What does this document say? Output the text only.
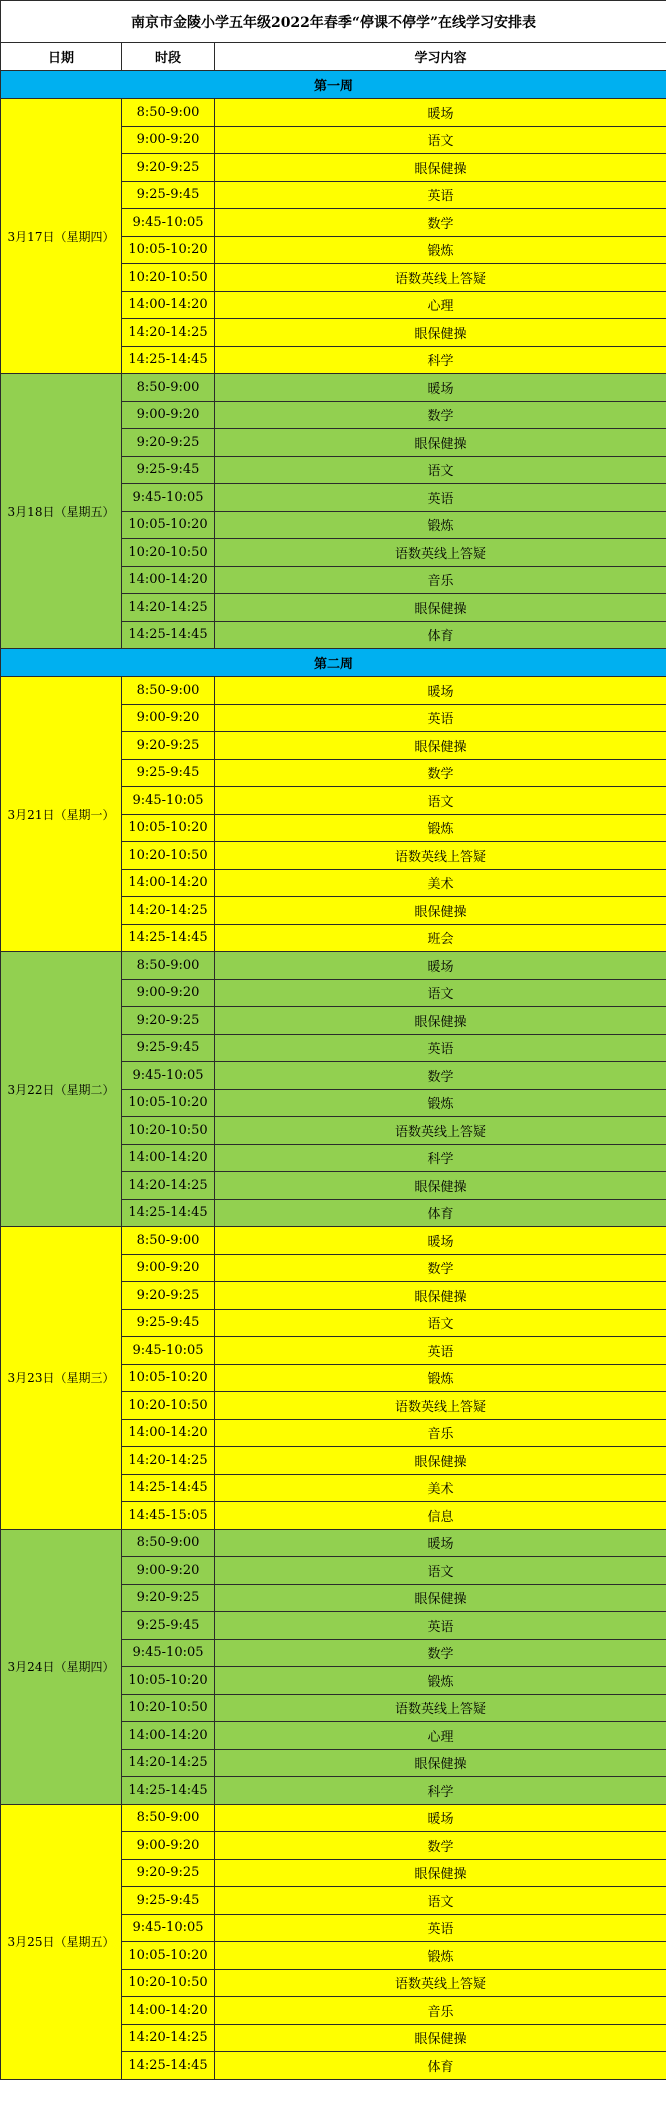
南京市金陵小学五年级2022年春季“停课不停学”在线学习安排表		
日期	时段	学习内容
第一周		
3月17日（星期四）	8:50-9:00	暖场
	9:00-9:20	语文
	9:20-9:25	眼保健操
	9:25-9:45	英语
	9:45-10:05	数学
	10:05-10:20	锻炼
	10:20-10:50	语数英线上答疑
	14:00-14:20	心理
	14:20-14:25	眼保健操
	14:25-14:45	科学
3月18日（星期五）	8:50-9:00	暖场
	9:00-9:20	数学
	9:20-9:25	眼保健操
	9:25-9:45	语文
	9:45-10:05	英语
	10:05-10:20	锻炼
	10:20-10:50	语数英线上答疑
	14:00-14:20	音乐
	14:20-14:25	眼保健操
	14:25-14:45	体育
第二周		
3月21日（星期一）	8:50-9:00	暖场
	9:00-9:20	英语
	9:20-9:25	眼保健操
	9:25-9:45	数学
	9:45-10:05	语文
	10:05-10:20	锻炼
	10:20-10:50	语数英线上答疑
	14:00-14:20	美术
	14:20-14:25	眼保健操
	14:25-14:45	班会
3月22日（星期二）	8:50-9:00	暖场
	9:00-9:20	语文
	9:20-9:25	眼保健操
	9:25-9:45	英语
	9:45-10:05	数学
	10:05-10:20	锻炼
	10:20-10:50	语数英线上答疑
	14:00-14:20	科学
	14:20-14:25	眼保健操
	14:25-14:45	体育
3月23日（星期三）	8:50-9:00	暖场
	9:00-9:20	数学
	9:20-9:25	眼保健操
	9:25-9:45	语文
	9:45-10:05	英语
	10:05-10:20	锻炼
	10:20-10:50	语数英线上答疑
	14:00-14:20	音乐
	14:20-14:25	眼保健操
	14:25-14:45	美术
	14:45-15:05	信息
3月24日（星期四）	8:50-9:00	暖场
	9:00-9:20	语文
	9:20-9:25	眼保健操
	9:25-9:45	英语
	9:45-10:05	数学
	10:05-10:20	锻炼
	10:20-10:50	语数英线上答疑
	14:00-14:20	心理
	14:20-14:25	眼保健操
	14:25-14:45	科学
3月25日（星期五）	8:50-9:00	暖场
	9:00-9:20	数学
	9:20-9:25	眼保健操
	9:25-9:45	语文
	9:45-10:05	英语
	10:05-10:20	锻炼
	10:20-10:50	语数英线上答疑
	14:00-14:20	音乐
	14:20-14:25	眼保健操
	14:25-14:45	体育
